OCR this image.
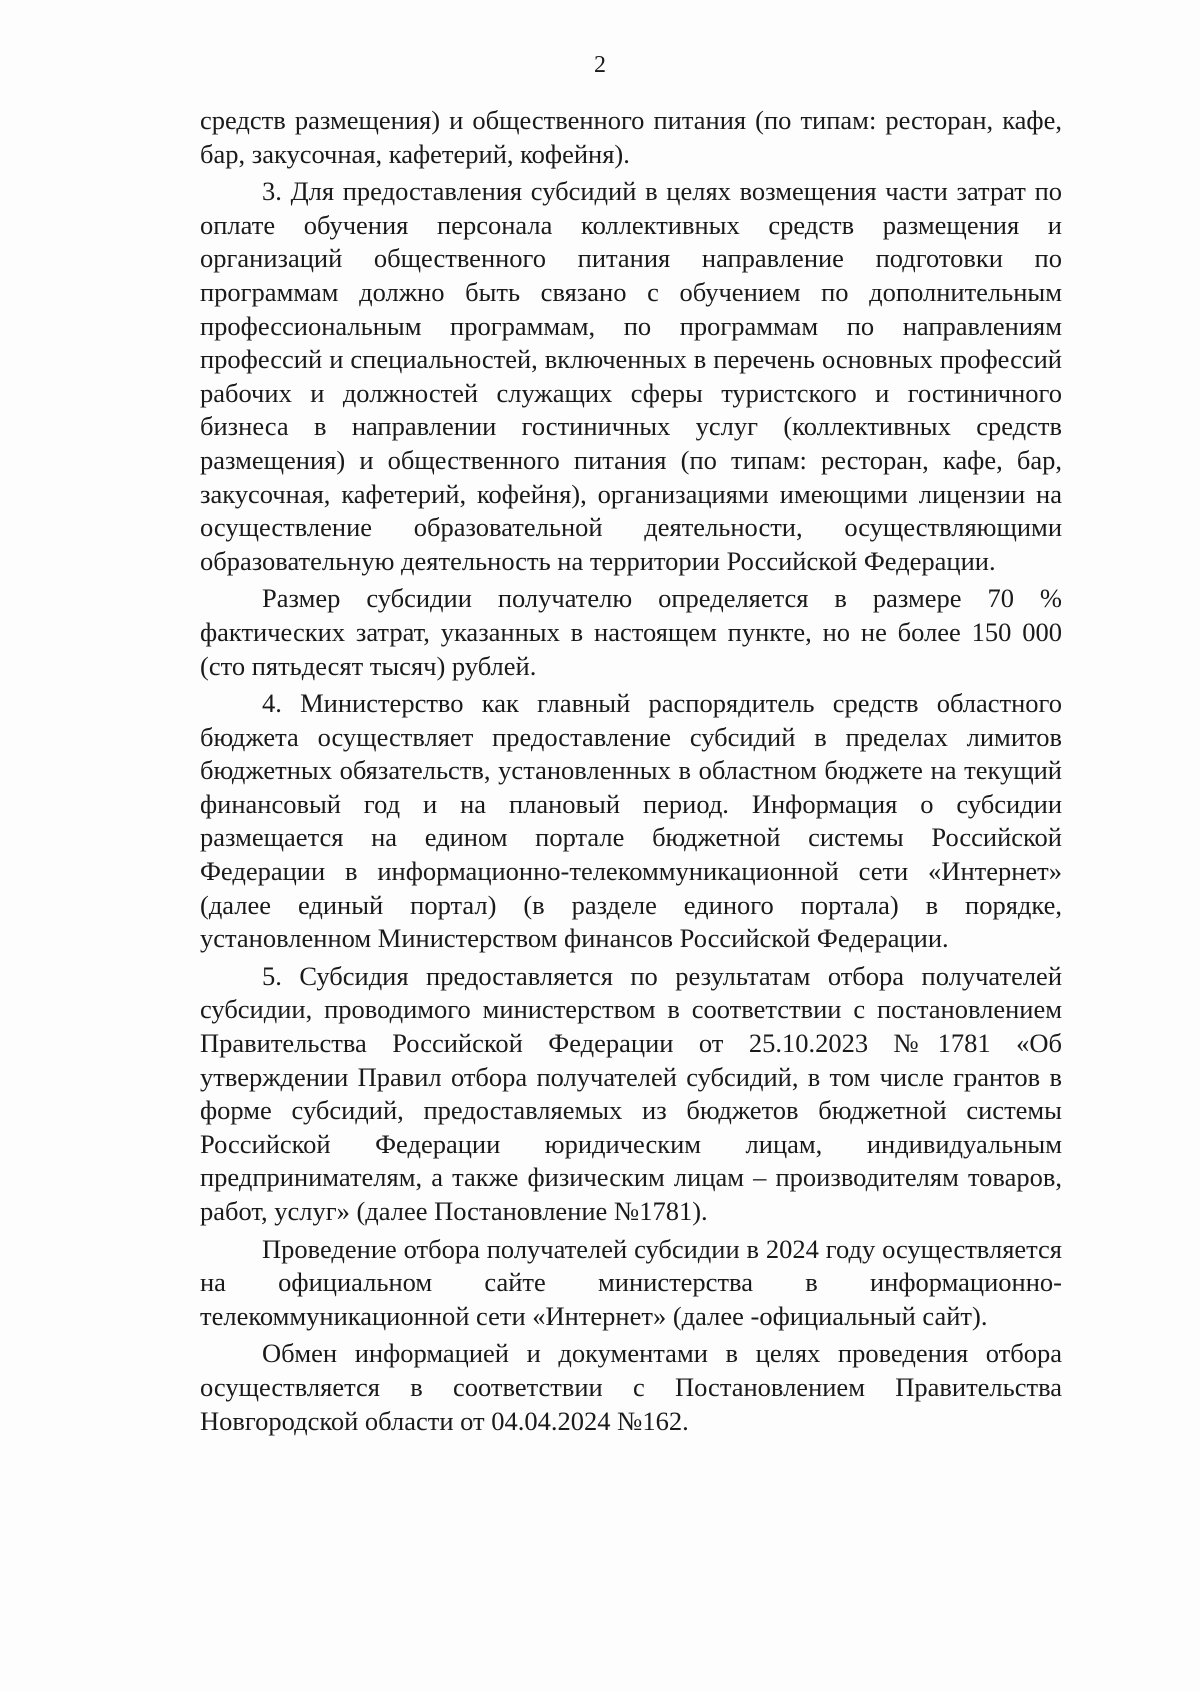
2

средств размещения) и общественного питания (по типам: ресторан, кафе, бар, закусочная, кафетерий, кофейня).

3. Для предоставления субсидий в целях возмещения части затрат по оплате обучения персонала коллективных средств размещения и организаций общественного питания направление подготовки по программам должно быть связано с обучением по дополнительным профессиональным программам, по программам по направлениям профессий и специальностей, включенных в перечень основных профессий рабочих и должностей служащих сферы туристского и гостиничного бизнеса в направлении гостиничных услуг (коллективных средств размещения) и общественного питания (по типам: ресторан, кафе, бар, закусочная, кафетерий, кофейня), организациями имеющими лицензии на осуществление образовательной деятельности, осуществляющими образовательную деятельность на территории Российской Федерации.

Размер субсидии получателю определяется в размере 70 % фактических затрат, указанных в настоящем пункте, но не более 150 000 (сто пятьдесят тысяч) рублей.

4. Министерство как главный распорядитель средств областного бюджета осуществляет предоставление субсидий в пределах лимитов бюджетных обязательств, установленных в областном бюджете на текущий финансовый год и на плановый период. Информация о субсидии размещается на едином портале бюджетной системы Российской Федерации в информационно-телекоммуникационной сети «Интернет» (далее единый портал) (в разделе единого портала) в порядке, установленном Министерством финансов Российской Федерации.

5. Субсидия предоставляется по результатам отбора получателей субсидии, проводимого министерством в соответствии с постановлением Правительства Российской Федерации от 25.10.2023 №1781 «Об утверждении Правил отбора получателей субсидий, в том числе грантов в форме субсидий, предоставляемых из бюджетов бюджетной системы Российской Федерации юридическим лицам, индивидуальным предпринимателям, а также физическим лицам – производителям товаров, работ, услуг» (далее Постановление №1781).

Проведение отбора получателей субсидии в 2024 году осуществляется на официальном сайте министерства в информационно-телекоммуникационной сети «Интернет» (далее -официальный сайт).

Обмен информацией и документами в целях проведения отбора осуществляется в соответствии с Постановлением Правительства Новгородской области от 04.04.2024 №162.
